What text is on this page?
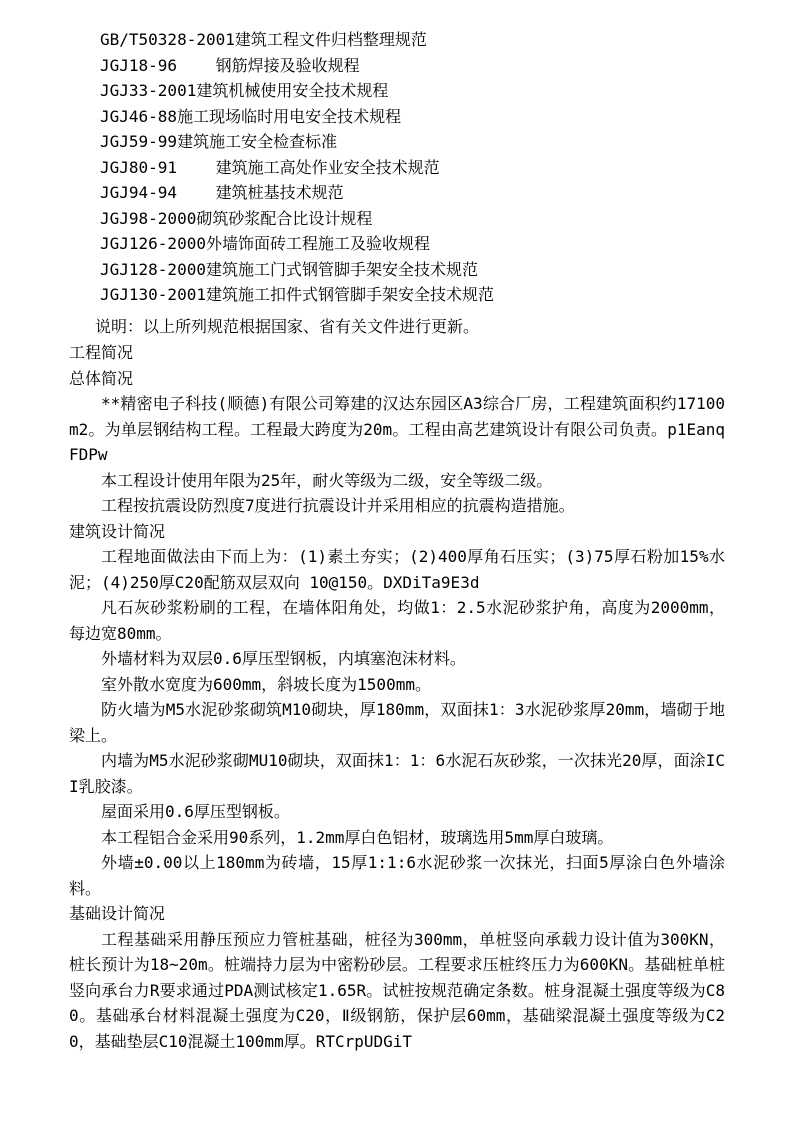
GB/T50328-2001建筑工程文件归档整理规范
JGJ18-96    钢筋焊接及验收规程
JGJ33-2001建筑机械使用安全技术规程
JGJ46-88施工现场临时用电安全技术规程
JGJ59-99建筑施工安全检查标准
JGJ80-91    建筑施工高处作业安全技术规范
JGJ94-94    建筑桩基技术规范
JGJ98-2000砌筑砂浆配合比设计规程
JGJ126-2000外墙饰面砖工程施工及验收规程
JGJ128-2000建筑施工门式钢管脚手架安全技术规范
JGJ130-2001建筑施工扣件式钢管脚手架安全技术规范
说明：以上所列规范根据国家、省有关文件进行更新。
工程简况
总体简况

**精密电子科技(顺德)有限公司筹建的汉达东园区A3综合厂房，工程建筑面积约17100m2。为单层钢结构工程。工程最大跨度为20m。工程由高艺建筑设计有限公司负责。p1EanqFDPw

本工程设计使用年限为25年，耐火等级为二级，安全等级二级。

工程按抗震设防烈度7度进行抗震设计并采用相应的抗震构造措施。

建筑设计简况

工程地面做法由下而上为：(1)素土夯实；(2)400厚角石压实；(3)75厚石粉加15%水泥；(4)250厚C20配筋双层双向 10@150。DXDiTa9E3d

凡石灰砂浆粉刷的工程，在墙体阳角处，均做1：2.5水泥砂浆护角，高度为2000mm，每边宽80mm。

外墙材料为双层0.6厚压型钢板，内填塞泡沫材料。

室外散水宽度为600mm，斜坡长度为1500mm。

防火墙为M5水泥砂浆砌筑M10砌块，厚180mm，双面抹1：3水泥砂浆厚20mm，墙砌于地梁上。

内墙为M5水泥砂浆砌MU10砌块，双面抹1：1：6水泥石灰砂浆，一次抹光20厚，面涂ICI乳胶漆。

屋面采用0.6厚压型钢板。

本工程铝合金采用90系列，1.2mm厚白色铝材，玻璃选用5mm厚白玻璃。

外墙±0.00以上180mm为砖墙，15厚1:1:6水泥砂浆一次抹光，扫面5厚涂白色外墙涂料。

基础设计简况

工程基础采用静压预应力管桩基础，桩径为300mm，单桩竖向承载力设计值为300KN，桩长预计为18~20m。桩端持力层为中密粉砂层。工程要求压桩终压力为600KN。基础桩单桩竖向承台力R要求通过PDA测试核定1.65R。试桩按规范确定条数。桩身混凝土强度等级为C80。基础承台材料混凝土强度为C20，Ⅱ级钢筋，保护层60mm，基础梁混凝土强度等级为C20，基础垫层C10混凝土100mm厚。RTCrpUDGiT
